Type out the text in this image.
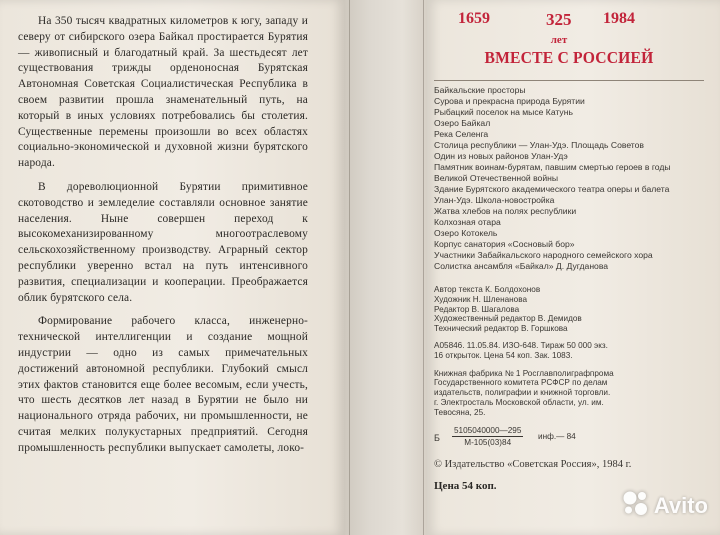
На 350 тысяч квадратных километров к югу, западу и северу от сибирского озера Байкал простирается Бурятия — живописный и благодатный край. За шестьдесят лет существования трижды орденоносная Бурятская Автономная Советская Социалистическая Республика в своем развитии прошла знаменательный путь, на который в иных условиях потребовались бы столетия. Существенные перемены произошли во всех областях социально-экономической и духовной жизни бурятского народа.

В дореволюционной Бурятии примитивное скотоводство и земледелие составляли основное занятие населения. Ныне совершен переход к высокомеханизированному многоотраслевому сельскохозяйственному производству. Аграрный сектор республики уверенно встал на путь интенсивного развития, специализации и кооперации. Преображается облик бурятского села.

Формирование рабочего класса, инженерно-технической интеллигенции и создание мощной индустрии — одно из самых примечательных достижений автономной республики. Глубокий смысл этих фактов становится еще более весомым, если учесть, что шесть десятков лет назад в Бурятии не было ни национального отряда рабочих, ни промышленности, не считая мелких полукустарных предприятий. Сегодня промышленность республики выпускает самолеты, локо-

1659	325 1984
лет
ВМЕСТЕ С РОССИЕЙ
Байкальские просторы
Сурова и прекрасна природа Бурятии
Рыбацкий поселок на мысе Катунь
Озеро Байкал
Река Селенга
Столица республики — Улан-Удэ. Площадь Советов
Один из новых районов Улан-Удэ
Памятник воинам-бурятам, павшим смертью героев в годы Великой Отечественной войны
Здание Бурятского академического театра оперы и балета
Улан-Удэ. Школа-новостройка
Жатва хлебов на полях республики
Колхозная отара
Озеро Котокель
Корпус санатория «Сосновый бор»
Участники Забайкальского народного семейского хора
Солистка ансамбля «Байкал» Д. Дугданова
Автор текста К. Болдохонов
Художник Н. Шленанова
Редактор В. Шагалова
Художественный редактор В. Демидов
Технический редактор В. Горшкова
А05846. 11.05.84. ИЗО-648. Тираж 50 000 экз.
16 открыток. Цена 54 коп. Зак. 1083.
Книжная фабрика № 1 Росглавполиграфпрома
Государственного комитета РСФСР по делам
издательств, полиграфии и книжной торговли.
г. Электросталь Московской области, ул. им.
Тевосяна, 25.
Б
5105040000—295
М-105(03)84
инф.— 84
© Издательство «Советская Россия», 1984 г.
Цена 54 коп.
Avito
